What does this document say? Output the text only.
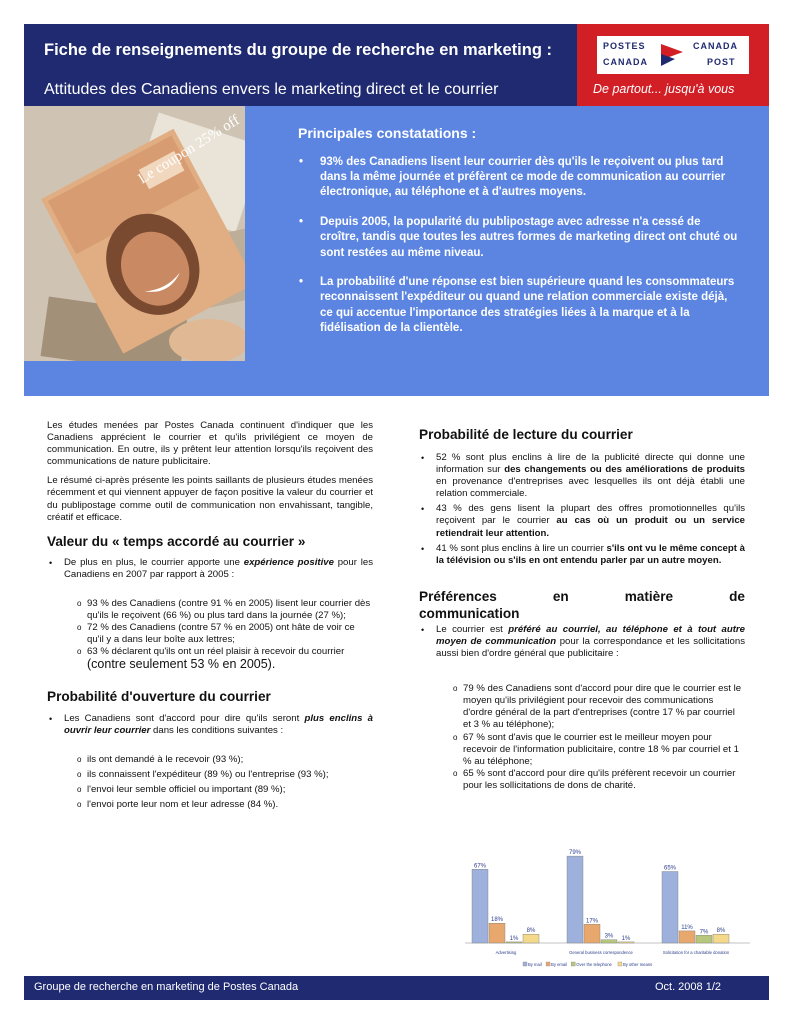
Fiche de renseignements du groupe de recherche en marketing :
Attitudes des Canadiens envers le marketing direct et le courrier
POSTES
CANADA
CANADA
POST
De partout... jusqu'à vous
Le coupon 25% off	Principales constatations :
• 93% des Canadiens lisent leur courrier dès qu'ils le reçoivent ou plus tard dans la même journée et préfèrent ce mode de communication au courrier électronique, au téléphone et à d'autres moyens.
• Depuis 2005, la popularité du publipostage avec adresse n'a cessé de croître, tandis que toutes les autres formes de marketing direct ont chuté ou sont restées au même niveau.
• La probabilité d'une réponse est bien supérieure quand les consommateurs reconnaissent l'expéditeur ou quand une relation commerciale existe déjà, ce qui accentue l'importance des stratégies liées à la marque et à la fidélisation de la clientèle.

Les études menées par Postes Canada continuent d'indiquer que les Canadiens apprécient le courrier et qu'ils privilégient ce moyen de communication. En outre, ils y prêtent leur attention lorsqu'ils reçoivent des communications de nature publicitaire.

Le résumé ci-après présente les points saillants de plusieurs études menées récemment et qui viennent appuyer de façon positive la valeur du courrier et du publipostage comme outil de communication non envahissant, tangible, créatif et efficace.

Valeur du « temps accordé au courrier »
• De plus en plus, le courrier apporte une expérience positive pour les Canadiens en 2007 par rapport à 2005 :
o 93 % des Canadiens (contre 91 % en 2005) lisent leur courrier dès qu'ils le reçoivent (66 %) ou plus tard dans la journée (27 %);
o 72 % des Canadiens (contre 57 % en 2005) ont hâte de voir ce qu'il y a dans leur boîte aux lettres;
o 63 % déclarent qu'ils ont un réel plaisir à recevoir du courrier (contre seulement 53 % en 2005).
Probabilité d'ouverture du courrier
• Les Canadiens sont d'accord pour dire qu'ils seront plus enclins à ouvrir leur courrier dans les conditions suivantes :
o ils ont demandé à le recevoir (93 %);
o ils connaissent l'expéditeur (89 %) ou l'entreprise (93 %);
o l'envoi leur semble officiel ou important (89 %);
o l'envoi porte leur nom et leur adresse (84 %).
Probabilité de lecture du courrier
• 52 % sont plus enclins à lire de la publicité directe qui donne une information sur des changements ou des améliorations de produits en provenance d'entreprises avec lesquelles ils ont déjà établi une relation commerciale.
• 43 % des gens lisent la plupart des offres promotionnelles qu'ils reçoivent par le courrier au cas où un produit ou un service retiendrait leur attention.
• 41 % sont plus enclins à lire un courrier s'ils ont vu le même concept à la télévision ou s'ils en ont entendu parler par un autre moyen.
Préférences	en	matière	de
communication
• Le courrier est préféré au courriel, au téléphone et à tout autre moyen de communication pour la correspondance et les sollicitations aussi bien d'ordre général que publicitaire :
o 79 % des Canadiens sont d'accord pour dire que le courrier est le moyen qu'ils privilégient pour recevoir des communications d'ordre général de la part d'entreprises (contre 17 % par courriel et 3 % au téléphone);
o 67 % sont d'avis que le courrier est le meilleur moyen pour recevoir de l'information publicitaire, contre 18 % par courriel et 1 % au téléphone;
o 65 % sont d'accord pour dire qu'ils préfèrent recevoir un courrier pour les sollicitations de dons de charité.
67%
18%
1%
8%
Advertising
79%
17%
3% 1%
General business correspondence
65%
11%
7% 8%
Solicitation for a charitable donation
By mail By email Over the telephone	By other means
Groupe de recherche en marketing de Postes Canada	Oct. 2008 1/2
